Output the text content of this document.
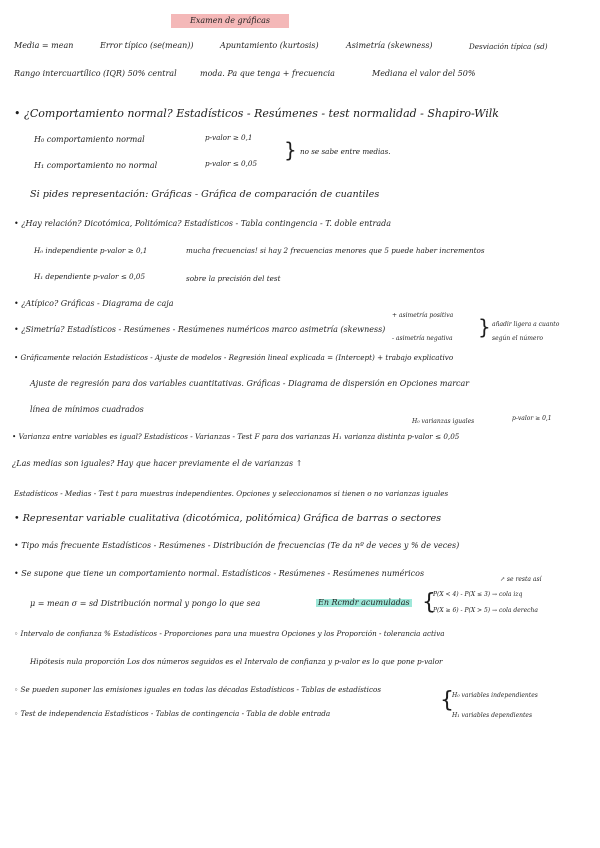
Examen de gráficas
Media = mean	Error típico (se(mean))	Apuntamiento (kurtosis)	Asimetría (skewness)	Desviación típica (sd)
Rango intercuartílico (IQR) 50% central	moda. Pa que tenga + frecuencia	Mediana el valor del 50%
• ¿Comportamiento normal? Estadísticos - Resúmenes - test normalidad - Shapiro-Wilk
H₀ comportamiento normal	p-valor ≥ 0,1
} no se sabe entre medias.
H₁ comportamiento no normal	p-valor ≤ 0,05
Si pides representación: Gráficas - Gráfica de comparación de cuantiles
• ¿Hay relación? Dicotómica, Politómica? Estadísticos - Tabla contingencia - T. doble entrada
H₀ independiente p-valor ≥ 0,1	mucha frecuencias! si hay 2 frecuencias menores que 5 puede haber incrementos
H₁ dependiente p-valor ≤ 0,05	sobre la precisión del test
• ¿Atípico? Gráficas - Diagrama de caja
+ asimetría positiva
• ¿Simetría? Estadísticos - Resúmenes - Resúmenes numéricos marco asimetría (skewness)
- asimetría negativa } añadir ligera a cuanto
según el número
• Gráficamente relación Estadísticos - Ajuste de modelos - Regresión lineal explicada = (Intercept) + trabajo explicativo
Ajuste de regresión para dos variables cuantitativas. Gráficas - Diagrama de dispersión en Opciones marcar
línea de mínimos cuadrados
H₀ varianzas iguales	p-valor ≥ 0,1
• Varianza entre variables es igual? Estadísticos - Varianzas - Test F para dos varianzas H₁ varianza distinta p-valor ≤ 0,05
¿Las medias son iguales? Hay que hacer previamente el de varianzas ↑
Estadísticos - Medias - Test t para muestras independientes. Opciones y seleccionamos si tienen o no varianzas iguales
• Representar variable cualitativa (dicotómica, politómica) Gráfica de barras o sectores
• Tipo más frecuente Estadísticos - Resúmenes - Distribución de frecuencias (Te da nº de veces y % de veces)
• Se supone que tiene un comportamiento normal. Estadísticos - Resúmenes - Resúmenes numéricos
↗ se resta así
μ = mean σ = sd Distribución normal y pongo lo que sea	En Rcmdr acumuladas {
P(X < 4) - P(X ≤ 3) → cola izq
P(X ≥ 6) - P(X > 5) → cola derecha
◦ Intervalo de confianza % Estadísticos - Proporciones para una muestra Opciones y los Proporción - tolerancia activa
Hipótesis nula proporción Los dos números seguidos es el Intervalo de confianza y p-valor es lo que pone p-valor
◦ Se pueden suponer las emisiones iguales en todas las décadas Estadísticos - Tablas de estadísticos	{
H₀ variables independientes
◦ Test de independencia Estadísticos - Tablas de contingencia - Tabla de doble entrada	H₁ variables dependientes
